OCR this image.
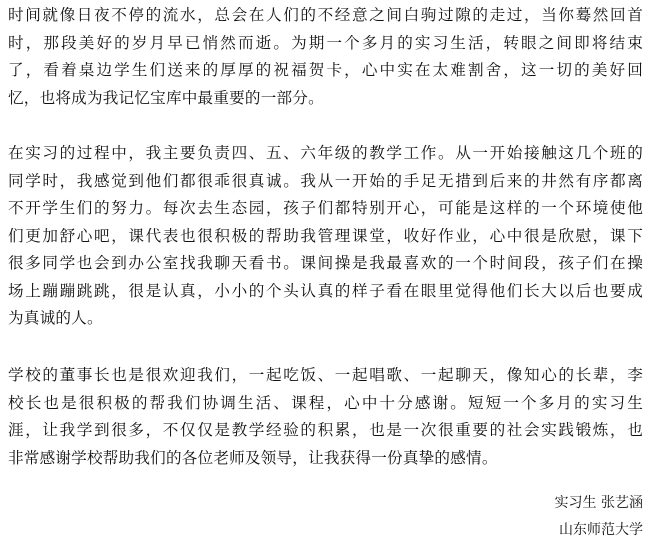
时间就像日夜不停的流水，总会在人们的不经意之间白驹过隙的走过，当你蓦然回首
时，那段美好的岁月早已悄然而逝。为期一个多月的实习生活，转眼之间即将结束
了，看着桌边学生们送来的厚厚的祝福贺卡，心中实在太难割舍，这一切的美好回
忆，也将成为我记忆宝库中最重要的一部分。
在实习的过程中，我主要负责四、五、六年级的教学工作。从一开始接触这几个班的
同学时，我感觉到他们都很乖很真诚。我从一开始的手足无措到后来的井然有序都离
不开学生们的努力。每次去生态园，孩子们都特别开心，可能是这样的一个环境使他
们更加舒心吧，课代表也很积极的帮助我管理课堂，收好作业，心中很是欣慰，课下
很多同学也会到办公室找我聊天看书。课间操是我最喜欢的一个时间段，孩子们在操
场上蹦蹦跳跳，很是认真，小小的个头认真的样子看在眼里觉得他们长大以后也要成
为真诚的人。
学校的董事长也是很欢迎我们，一起吃饭、一起唱歌、一起聊天，像知心的长辈，李
校长也是很积极的帮我们协调生活、课程，心中十分感谢。短短一个多月的实习生
涯，让我学到很多，不仅仅是教学经验的积累，也是一次很重要的社会实践锻炼，也
非常感谢学校帮助我们的各位老师及领导，让我获得一份真挚的感情。
实习生 张艺涵
山东师范大学
